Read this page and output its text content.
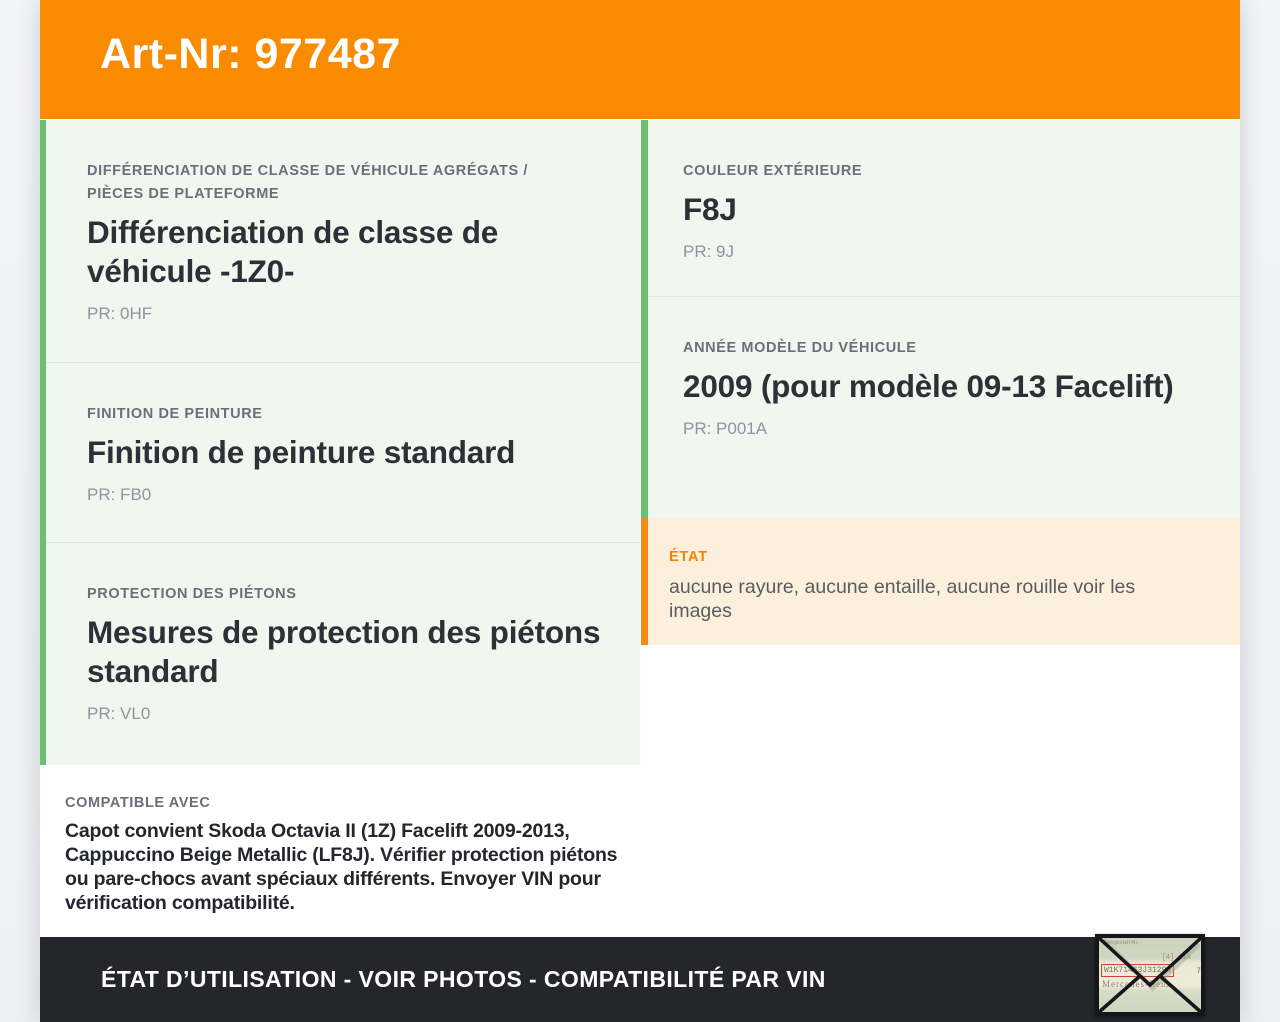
Art-Nr: 977487
DIFFÉRENCIATION DE CLASSE DE VÉHICULE AGRÉGATS / PIÈCES DE PLATEFORME
Différenciation de classe de véhicule -1Z0-
PR: 0HF
FINITION DE PEINTURE
Finition de peinture standard
PR: FB0
PROTECTION DES PIÉTONS
Mesures de protection des piétons standard
PR: VL0
COMPATIBLE AVEC
Capot convient Skoda Octavia II (1Z) Facelift 2009-2013, Cappuccino Beige Metallic (LF8J). Vérifier protection piétons ou pare-chocs avant spéciaux différents. Envoyer VIN pour vérification compatibilité.
COULEUR EXTÉRIEURE
F8J
PR: 9J
ANNÉE MODÈLE DU VÉHICULE
2009 (pour modèle 09-13 Facelift)
PR: P001A
ÉTAT
aucune rayure, aucune entaille, aucune rouille voir les images
ÉTAT D’UTILISATION - VOIR PHOTOS - COMPATIBILITÉ PAR VIN
Fahrgestell-Nr.
[4] AiA
W1K71463J31298	7
Mercedes-Benz
